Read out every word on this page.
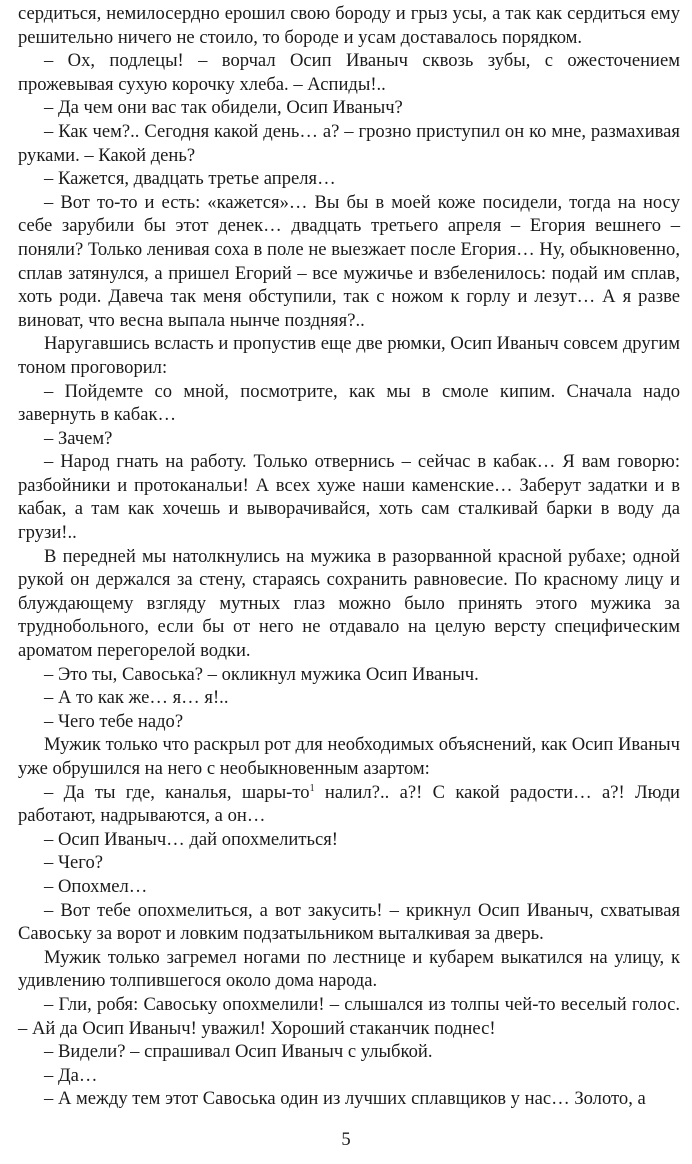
сердиться, немилосердно ерошил свою бороду и грыз усы, а так как сердиться ему решительно ничего не стоило, то бороде и усам доставалось порядком.

– Ох, подлецы! – ворчал Осип Иваныч сквозь зубы, с ожесточением прожевывая сухую корочку хлеба. – Аспиды!..

– Да чем они вас так обидели, Осип Иваныч?

– Как чем?.. Сегодня какой день… а? – грозно приступил он ко мне, размахивая руками. – Какой день?

– Кажется, двадцать третье апреля…

– Вот то-то и есть: «кажется»… Вы бы в моей коже посидели, тогда на носу себе зарубили бы этот денек… двадцать третьего апреля – Егория вешнего – поняли? Только ленивая соха в поле не выезжает после Егория… Ну, обыкновенно, сплав затянулся, а пришел Егорий – все мужичье и взбеленилось: подай им сплав, хоть роди. Давеча так меня обступили, так с ножом к горлу и лезут… А я разве виноват, что весна выпала нынче поздняя?..

Наругавшись всласть и пропустив еще две рюмки, Осип Иваныч совсем другим тоном проговорил:

– Пойдемте со мной, посмотрите, как мы в смоле кипим. Сначала надо завернуть в кабак…

– Зачем?

– Народ гнать на работу. Только отвернись – сейчас в кабак… Я вам говорю: разбойники и протоканальи! А всех хуже наши каменские… Заберут задатки и в кабак, а там как хочешь и выворачивайся, хоть сам сталкивай барки в воду да грузи!..

В передней мы натолкнулись на мужика в разорванной красной рубахе; одной рукой он держался за стену, стараясь сохранить равновесие. По красному лицу и блуждающему взгляду мутных глаз можно было принять этого мужика за труднобольного, если бы от него не отдавало на целую версту специфическим ароматом перегорелой водки.

– Это ты, Савоська? – окликнул мужика Осип Иваныч.

– А то как же… я… я!..

– Чего тебе надо?

Мужик только что раскрыл рот для необходимых объяснений, как Осип Иваныч уже обрушился на него с необыкновенным азартом:

– Да ты где, каналья, шары-$то^1$ налил?.. а?! С какой радости… а?! Люди работают, надрываются, а он…

– Осип Иваныч… дай опохмелиться!

– Чего?

– Опохмел…

– Вот тебе опохмелиться, а вот закусить! – крикнул Осип Иваныч, схватывая Савоську за ворот и ловким подзатыльником выталкивая за дверь.

Мужик только загремел ногами по лестнице и кубарем выкатился на улицу, к удивлению толпившегося около дома народа.

– Гли, робя: Савоську опохмелили! – слышался из толпы чей-то веселый голос. – Ай да Осип Иваныч! уважил! Хороший стаканчик поднес!

– Видели? – спрашивал Осип Иваныч с улыбкой.

– Да…

– А между тем этот Савоська один из лучших сплавщиков у нас… Золото, а

5
